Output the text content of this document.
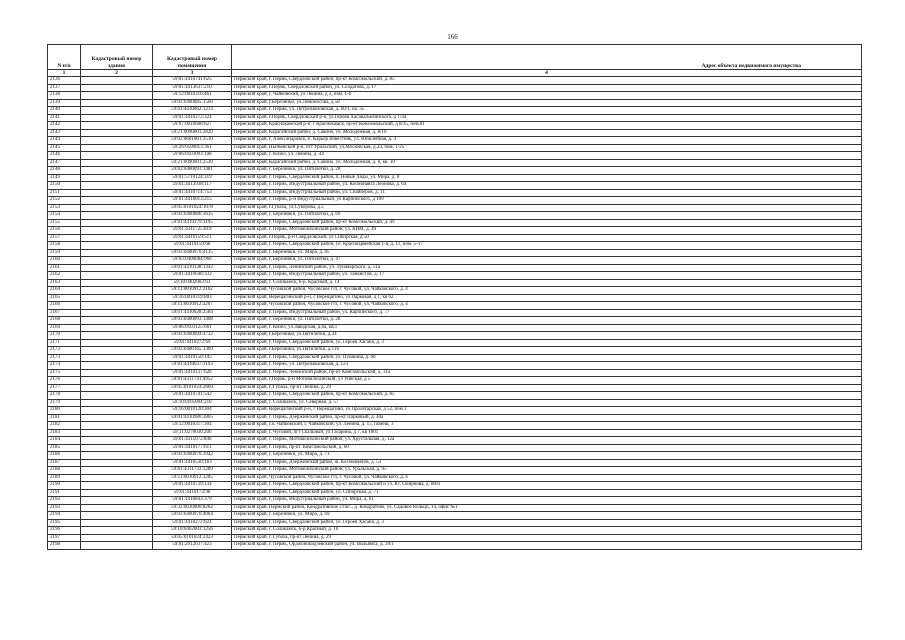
166
N п/п	Кадастровый номер здания	Кадастровый номер помещения	Адрес объекта недвижимого имущества
1	2	3	4
2136		59:01:4410741:625	Пермский край, г. Пермь, Свердловский район, пр-кт Комсомольский, д. 85
2137		59:01:4413637:210	Пермский край, г.Пермь, Свердловский район, ул. Солдатова, д. 17
2138		59:12:0010316:461	Пермский край, г. Чайковский, ул Ленина, д 2, пом. 1-6
2139		59:03:0400085:1560	Пермский край, г.Березники, ул.Ломоносова, д.58
2140		59:01:4410062:1214	Пермский край, г. Пермь, ул. Петропавловская, д. 60/1, кв. 35
2141		59:01:4410272:324	Пермский край, г.Пермь, Свердловский р-н, ул Героев Хасана/Белинского, д 1/44
2142		59:07:0010608:827	Пермский край, Краснокамский р-н, г Краснокамск, пр-кт Комсомольский, д 8/35, пом.81
2143		59:21:0090001:2820	Пермский край, Карагайский район, д. Савино, ул. Молодежная, д. 8/10
2144		59:02:0601001:2510	Пермский край, г. Александровск, п. Карьер Известняк, ул. Юбилейная, д. 4
2145		59:26:0590013:361	Пермский край, Нытвенский р-н, пгт Уральский, ул.Московская, д.24, пом. 1-25
2146		59:06:0103093:108	Пермский край, г. Кизел, ул. Ленина, д. 44
2147		59:21:0090001:2530	Пермский край, Карагайский район, д. Савино, ул. Молодежная, д. 8, кв. 10
2148		59:03:0400093:1481	Пермский край, г. Березники, ул. Пятилетки, д. 28
2149		59:01:5710124:319	Пермский край, г. Пермь, Свердловский район, п. Новые Ляды, ул. Мира, д. 8
2150		59:01:4413938:117	Пермский край, г. Пермь, Индустриальный район, ул. Космонавта Леонова, д. 64
2151		59:01:4410714:753	Пермский край, г. Пермь, Индустриальный район, ул. Снайперов, д. 11
2152		59:01:4416013:215	Пермский край, г. Пермь, р-н Индустриальный, ул Карпинского, д 109
2153		59:05:0101024:1078	Пермский край, г.Губаха, ул.Суворова, д.5
2154		59:03:0400086:3635	Пермский край, г. Березники, ул. Пятилетки, д. 69
2155		59:01:4410179:1195	Пермский край, г. Пермь, Свердловский район, пр-кт Комсомольский, д. 49
2156		59:01:4311725:819	Пермский край, г. Пермь, Мотовилихинский район, ул. КИМ, д. 49
2157		59:01:4410159:511	Пермский край, г.Пермь, р-н Свердловский, ул Сибирская, д 50
2158		59:01:4410159:68	Пермский край, г. Пермь, Свердловский район, ул. Красноармейская 1-я, д. 11, пом. 5-17
2159		59:03:0400076:4135	Пермский край, г. Березники, ул. Мира, д. 85
2160		59:03:0400084:966	Пермский край, г. Березники, ул. Пятилетки, д. 47
2161		59:01:4410138:1342	Пермский край, г. Пермь, Ленинский район, ул. Луначарского, д. 51а
2162		59:01:4410648:332	Пермский край, г. Пермь, Индустриальный район, ул. Танкистов, д. 17
2163		59:10:0402003:61	Пермский край, г. Соликамск, б-р. Красный, д. 14
2164		59:11:0010912:2102	Пермский край, Чусовской район, Чусовское г/п, г. Чусовой, ул. Чайковского, д. 4
2165		59:16:0010319:803	Пермский край, Верещагинский р-н, г Верещагино, ул Парковая, д 1, кв 62
2166		59:11:0010912:3207	Пермский край, Чусовской район, Чусовское г/п, г. Чусовой, ул. Чайковского, д. 4
2167		59:01:4410628:2584	Пермский край, г. Пермь, Индустриальный район, ул. Карпинского, д. 77
2168		59:03:0400093:1408	Пермский край, г. Березники, ул. Пятилетки, д. 28
2169		59:06:0103125:661	Пермский край, г. Кизел, ул.Заводская, д.6а, кв.1
2170		59:03:0400094:4732	Пермский край, г.Березники, ул.Пятилетки, д.34
2171		59:01:4410272:69	Пермский край, г. Пермь, Свердловский район, ул. Героев Хасана, д. 3
2172		59:03:0400165:3369	Пермский край, г.Березники, ул.Пятилетки, д.116
2173		59:01:4410150:145	Пермский край, г. Пермь, Свердловский район, ул. Пушкина, д. 60
2174		59:01:4410037:1193	Пермский край, г. Пермь, ул. Петропавловская, д. 123
2175		59:01:4410137:628	Пермский край, г. Пермь, Ленинский район, пр-кт Комсомольский, д. 31а
2176		59:01:4311741:4952	Пермский край, г.Пермь, р-н Мотовилихинский, ул Уинская, д 5
2177		59:05:0101024:2669	Пермский край, г. Губаха, пр-кт Ленина, д. 29
2178		59:01:4410741:542	Пермский край, г. Пермь, Свердловский район, пр-кт Комсомольский, д. 85
2179		59:10:0105004:218	Пермский край, г. Соликамск, ул. Северная, д. 57
2180		59:16:0010120:304	Пермский край, Верещагинский р-н, г Верещагино, ул Пролетарская, д 52, пом 3
2181		59:01:4410986:3865	Пермский край, г. Пермь, Дзержинский район, пр-кт Парковый, д. 40а
2182		59:12:0010317:304	Пермский край, г.о. Чайковский, г. Чайковский, ул. Ленина, д. 15, помещ. 3
2183		59:11:0270030:206	Пермский край, г. Чусовой, пгт Скальный, ул Гагарина, д 7, кв 1001
2184		59:01:4311072:846	Пермский край, г. Пермь, Мотовилихинский район, ул. Хрустальная, д. 12а
2185		59:01:4410177:611	Пермский край, г. Пермь, пр-кт. Комсомольский, д. 60
2186		59:03:0400076:3942	Пермский край, г. Березники, ул. Мира, д. 71
2187		59:01:4410530:183	Пермский край, г. Пермь, Дзержинский район, ш. Космонавтов, д. 53
2188		59:01:4311732:1289	Пермский край, г. Пермь, Мотовилихинский район, ул. Уральская, д. 95
2189		59:11:0010912:3205	Пермский край, Чусовской район, Чусовское г/п, г. Чусовой, ул. Чайковского, д. 4
2190		59:01:4410739:134	Пермский край, г. Пермь, Свердловский район, пр-кт Комсомольский и ул. Ю. Смирнова, д. 80/6
2191		59:01:4410173:98	Пермский край, г. Пермь, Свердловский район, ул. Сибирская, д. 71
2192		59:01:4410843:379	Пермский край, г. Пермь, Индустриальный район, ул. Мира, д. 61
2193		59:32:0630006:8282	Пермский край, Пермский район, Кондратовское с/пос., д. Кондратово, ул. Садовое Кольцо, 14, офис №1
2194		59:03:0400076:4064	Пермский край, г. Березники, ул. Мира, д. 69
2195		59:01:4410272:824	Пермский край, г. Пермь, Свердловский район, ул. Героев Хасана, д. 3
2196		59:10:0402003:1256	Пермский край, г. Соликамск, б-р Красный, д. 10
2197		59:05:0101024:2423	Пермский край, г. Губаха, пр-кт Ленина, д. 29
2198		59:01:2912637:423	Пермский край, г. Пермь, Орджоникидзевский район, ул. Вильямса, д. 20/1
